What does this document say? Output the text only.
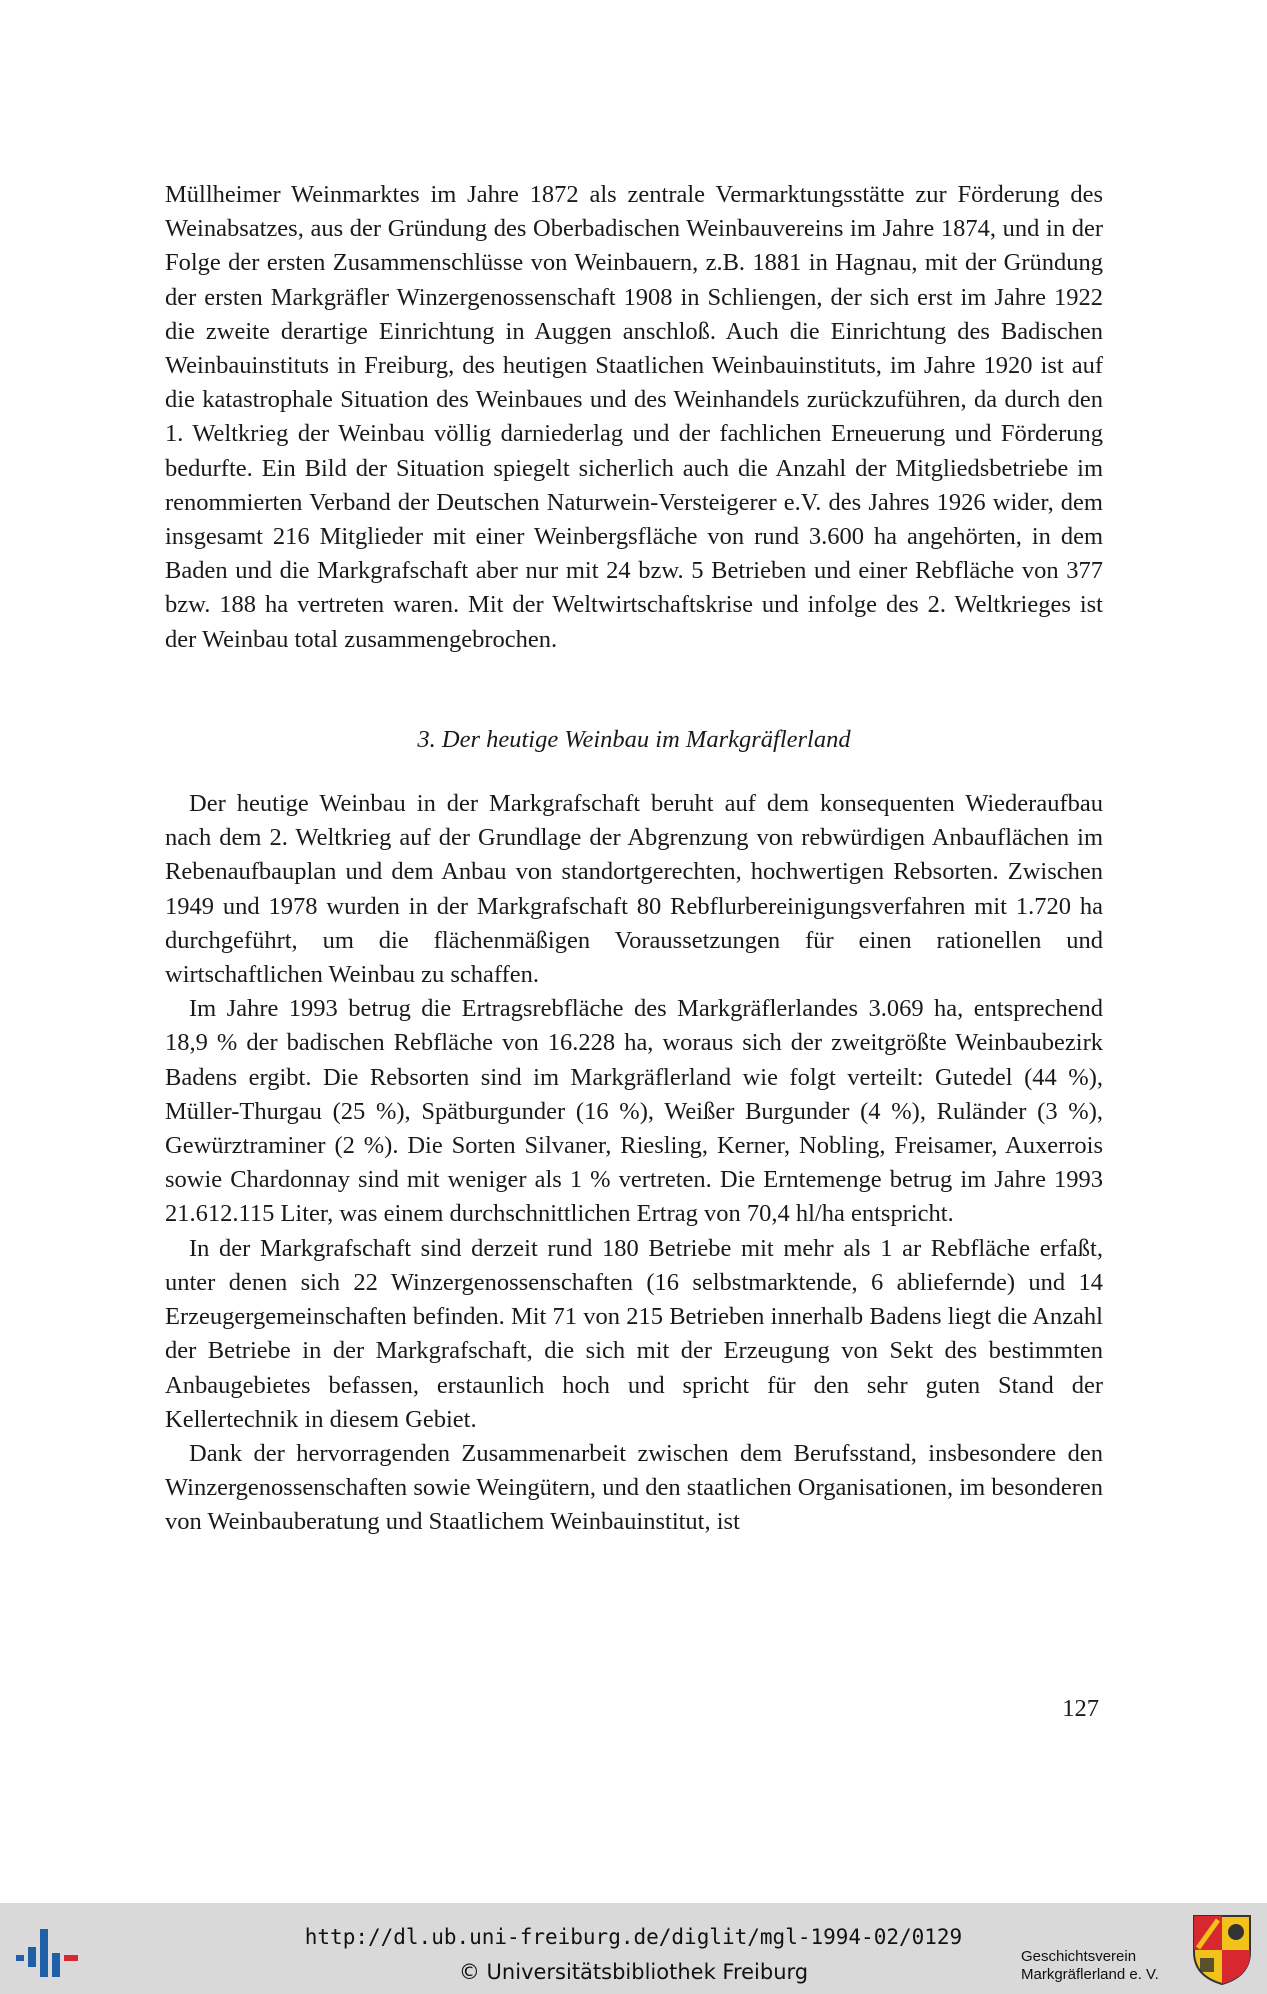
Müllheimer Weinmarktes im Jahre 1872 als zentrale Vermarktungsstätte zur Förderung des Weinabsatzes, aus der Gründung des Oberbadischen Weinbauvereins im Jahre 1874, und in der Folge der ersten Zusammenschlüsse von Weinbauern, z.B. 1881 in Hagnau, mit der Gründung der ersten Markgräfler Winzergenossenschaft 1908 in Schliengen, der sich erst im Jahre 1922 die zweite derartige Einrichtung in Auggen anschloß. Auch die Einrichtung des Badischen Weinbauinstituts in Freiburg, des heutigen Staatlichen Weinbauinstituts, im Jahre 1920 ist auf die katastrophale Situation des Weinbaues und des Weinhandels zurückzuführen, da durch den 1. Weltkrieg der Weinbau völlig darniederlag und der fachlichen Erneuerung und Förderung bedurfte. Ein Bild der Situation spiegelt sicherlich auch die Anzahl der Mitgliedsbetriebe im renommierten Verband der Deutschen Naturwein-Versteigerer e.V. des Jahres 1926 wider, dem insgesamt 216 Mitglieder mit einer Weinbergsfläche von rund 3.600 ha angehörten, in dem Baden und die Markgrafschaft aber nur mit 24 bzw. 5 Betrieben und einer Rebfläche von 377 bzw. 188 ha vertreten waren. Mit der Weltwirtschaftskrise und infolge des 2. Weltkrieges ist der Weinbau total zusammengebrochen.

3. Der heutige Weinbau im Markgräflerland

Der heutige Weinbau in der Markgrafschaft beruht auf dem konsequenten Wiederaufbau nach dem 2. Weltkrieg auf der Grundlage der Abgrenzung von rebwürdigen Anbauflächen im Rebenaufbauplan und dem Anbau von standortgerechten, hochwertigen Rebsorten. Zwischen 1949 und 1978 wurden in der Markgrafschaft 80 Rebflurbereinigungsverfahren mit 1.720 ha durchgeführt, um die flächenmäßigen Voraussetzungen für einen rationellen und wirtschaftlichen Weinbau zu schaffen.

Im Jahre 1993 betrug die Ertragsrebfläche des Markgräflerlandes 3.069 ha, entsprechend 18,9 % der badischen Rebfläche von 16.228 ha, woraus sich der zweitgrößte Weinbaubezirk Badens ergibt. Die Rebsorten sind im Markgräflerland wie folgt verteilt: Gutedel (44 %), Müller-Thurgau (25 %), Spätburgunder (16 %), Weißer Burgunder (4 %), Ruländer (3 %), Gewürztraminer (2 %). Die Sorten Silvaner, Riesling, Kerner, Nobling, Freisamer, Auxerrois sowie Chardonnay sind mit weniger als 1 % vertreten. Die Erntemenge betrug im Jahre 1993 21.612.115 Liter, was einem durchschnittlichen Ertrag von 70,4 hl/ha entspricht.

In der Markgrafschaft sind derzeit rund 180 Betriebe mit mehr als 1 ar Rebfläche erfaßt, unter denen sich 22 Winzergenossenschaften (16 selbstmarktende, 6 abliefernde) und 14 Erzeugergemeinschaften befinden. Mit 71 von 215 Betrieben innerhalb Badens liegt die Anzahl der Betriebe in der Markgrafschaft, die sich mit der Erzeugung von Sekt des bestimmten Anbaugebietes befassen, erstaunlich hoch und spricht für den sehr guten Stand der Kellertechnik in diesem Gebiet.

Dank der hervorragenden Zusammenarbeit zwischen dem Berufsstand, insbesondere den Winzergenossenschaften sowie Weingütern, und den staatlichen Organisationen, im besonderen von Weinbauberatung und Staatlichem Weinbauinstitut, ist

127
http://dl.ub.uni-freiburg.de/diglit/mgl-1994-02/0129
© Universitätsbibliothek Freiburg
Geschichtsverein
Markgräflerland e. V.
